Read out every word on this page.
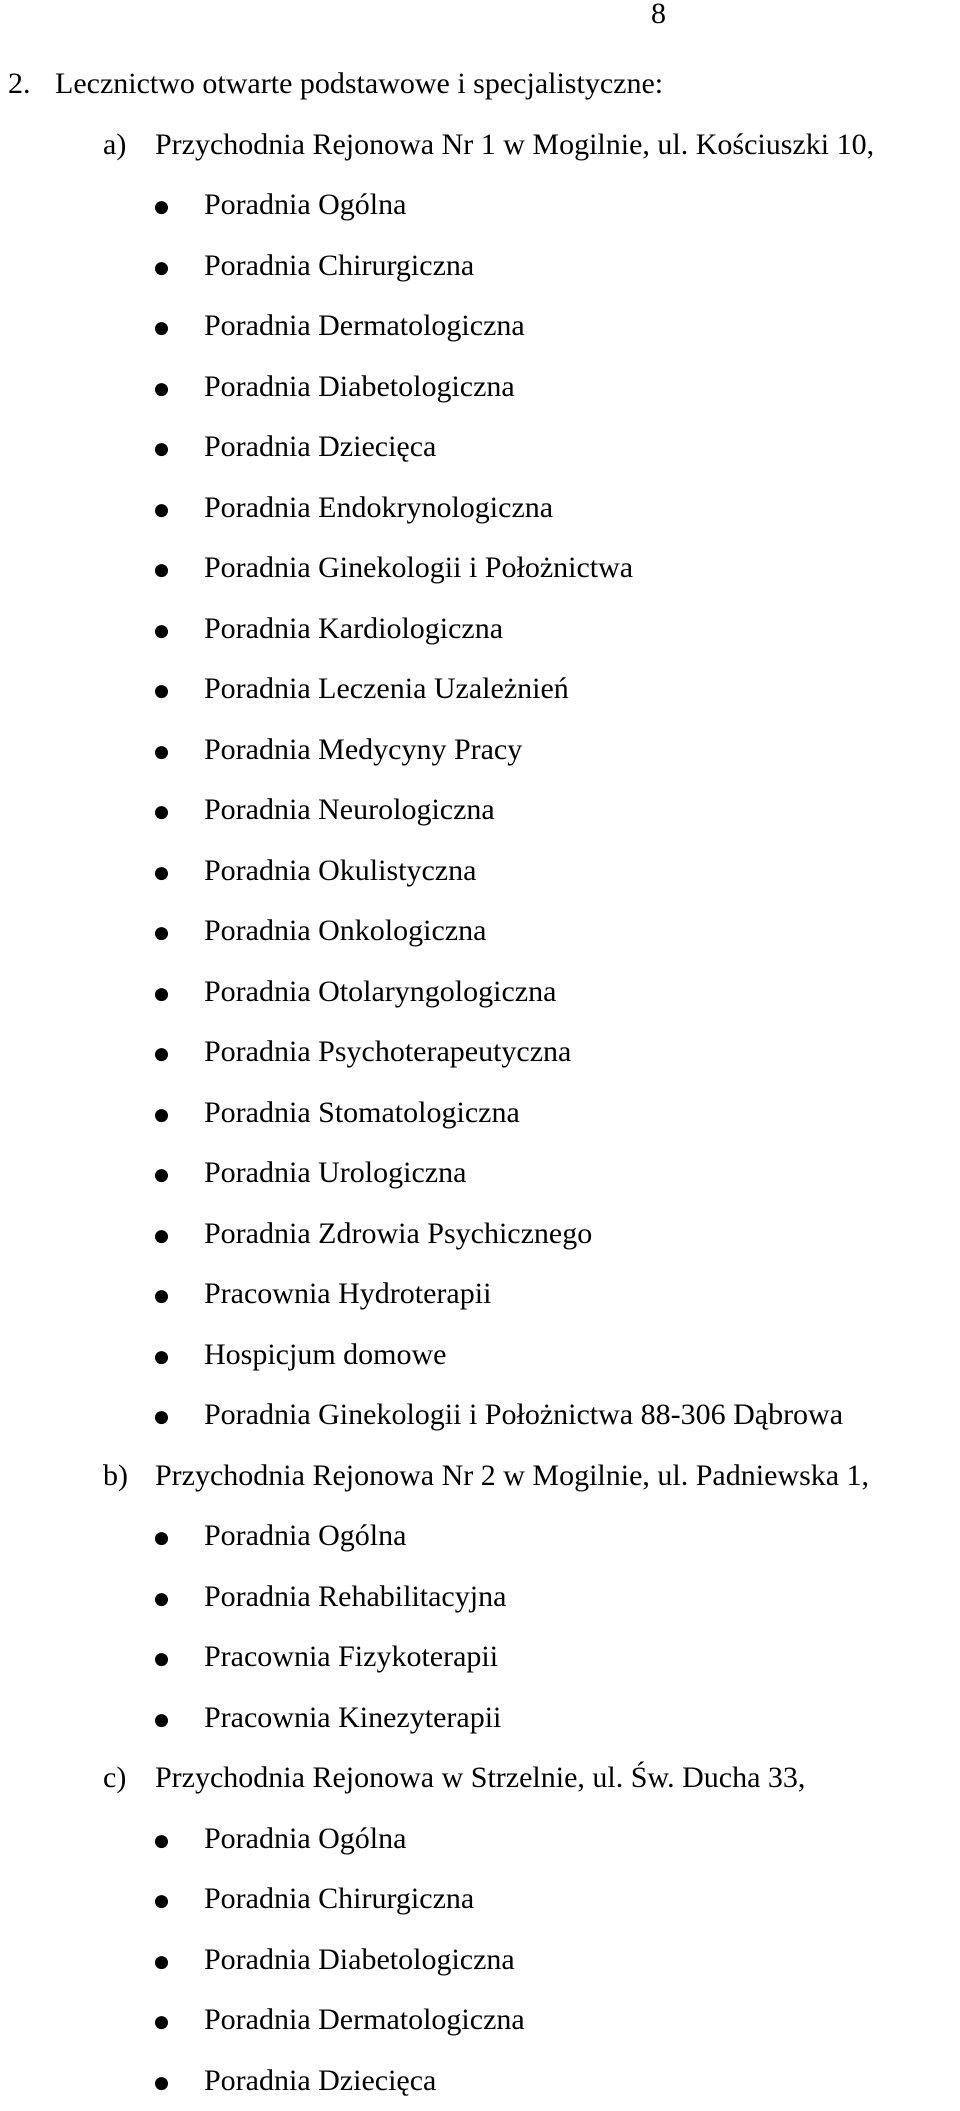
8
2. Lecznictwo otwarte podstawowe i specjalistyczne:
a) Przychodnia Rejonowa Nr 1 w Mogilnie, ul. Kościuszki 10,
Poradnia Ogólna
Poradnia Chirurgiczna
Poradnia Dermatologiczna
Poradnia Diabetologiczna
Poradnia Dziecięca
Poradnia Endokrynologiczna
Poradnia Ginekologii i Położnictwa
Poradnia Kardiologiczna
Poradnia Leczenia Uzależnień
Poradnia Medycyny Pracy
Poradnia Neurologiczna
Poradnia Okulistyczna
Poradnia Onkologiczna
Poradnia Otolaryngologiczna
Poradnia Psychoterapeutyczna
Poradnia Stomatologiczna
Poradnia Urologiczna
Poradnia Zdrowia Psychicznego
Pracownia Hydroterapii
Hospicjum domowe
Poradnia Ginekologii i Położnictwa 88-306 Dąbrowa
b) Przychodnia Rejonowa Nr 2 w Mogilnie, ul. Padniewska 1,
Poradnia Ogólna
Poradnia Rehabilitacyjna
Pracownia Fizykoterapii
Pracownia Kinezyterapii
c) Przychodnia Rejonowa w Strzelnie, ul. Św. Ducha 33,
Poradnia Ogólna
Poradnia Chirurgiczna
Poradnia Diabetologiczna
Poradnia Dermatologiczna
Poradnia Dziecięca
